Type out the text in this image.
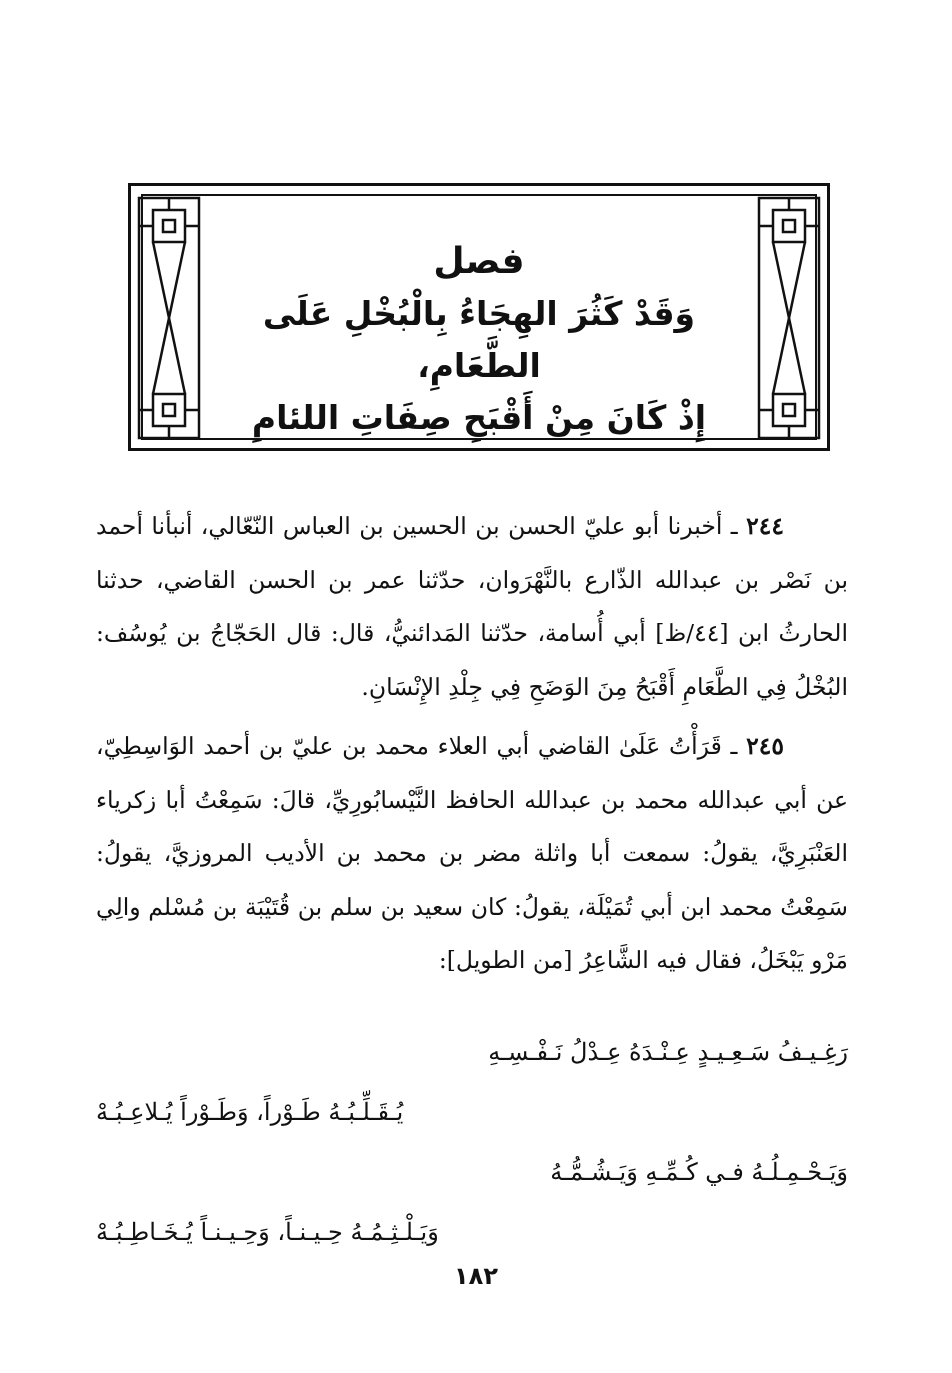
فصل
وَقَدْ كَثُرَ الهِجَاءُ بِالْبُخْلِ عَلَى الطَّعَامِ،
إِذْ كَانَ مِنْ أَقْبَحِ صِفَاتِ اللئامِ

٢٤٤ ـ أخبرنا أبو عليّ الحسن بن الحسين بن العباس النّعّالي، أنبأنا أحمد بن نَصْر بن عبدالله الذّارع بالنَّهْرَوان، حدّثنا عمر بن الحسن القاضي، حدثنا الحارثُ ابن [٤٤/ظ] أبي أُسامة، حدّثنا المَدائنيُّ، قال: قال الحَجّاجُ بن يُوسُف: البُخْلُ فِي الطَّعَامِ أَقْبَحُ مِنَ الوَضَحِ فِي جِلْدِ الإِنْسَانِ.

٢٤٥ ـ قَرَأْتُ عَلَىٰ القاضي أبي العلاء محمد بن عليّ بن أحمد الوَاسِطِيّ، عن أبي عبدالله محمد بن عبدالله الحافظ النَّيْسابُورِيِّ، قالَ: سَمِعْتُ أبا زكرياء العَنْبَرِيَّ، يقولُ: سمعت أبا واثلة مضر بن محمد بن الأديب المروزيَّ، يقولُ: سَمِعْتُ محمد ابن أبي تُمَيْلَة، يقولُ: كان سعيد بن سلم بن قُتَيْبَة بن مُسْلم والِي مَرْو يَبْخَلُ، فقال فيه الشَّاعِرُ [من الطويل]:

رَغِـيـفُ سَـعِـيـدٍ عِـنْـدَهُ عِـدْلُ نَـفْـسِـهِ
يُـقَـلِّـبُـهُ طَـوْراً، وَطَـوْراً يُـلاعِـبُـهْ
وَيَـحْـمِـلُـهُ فـي كُـمِّـهِ وَيَـشُـمُّـهُ
وَيَـلْـثِـمُـهُ حِـيـنـاً، وَحِـيـنـاً يُـخَـاطِـبُـهْ
١٨٢
